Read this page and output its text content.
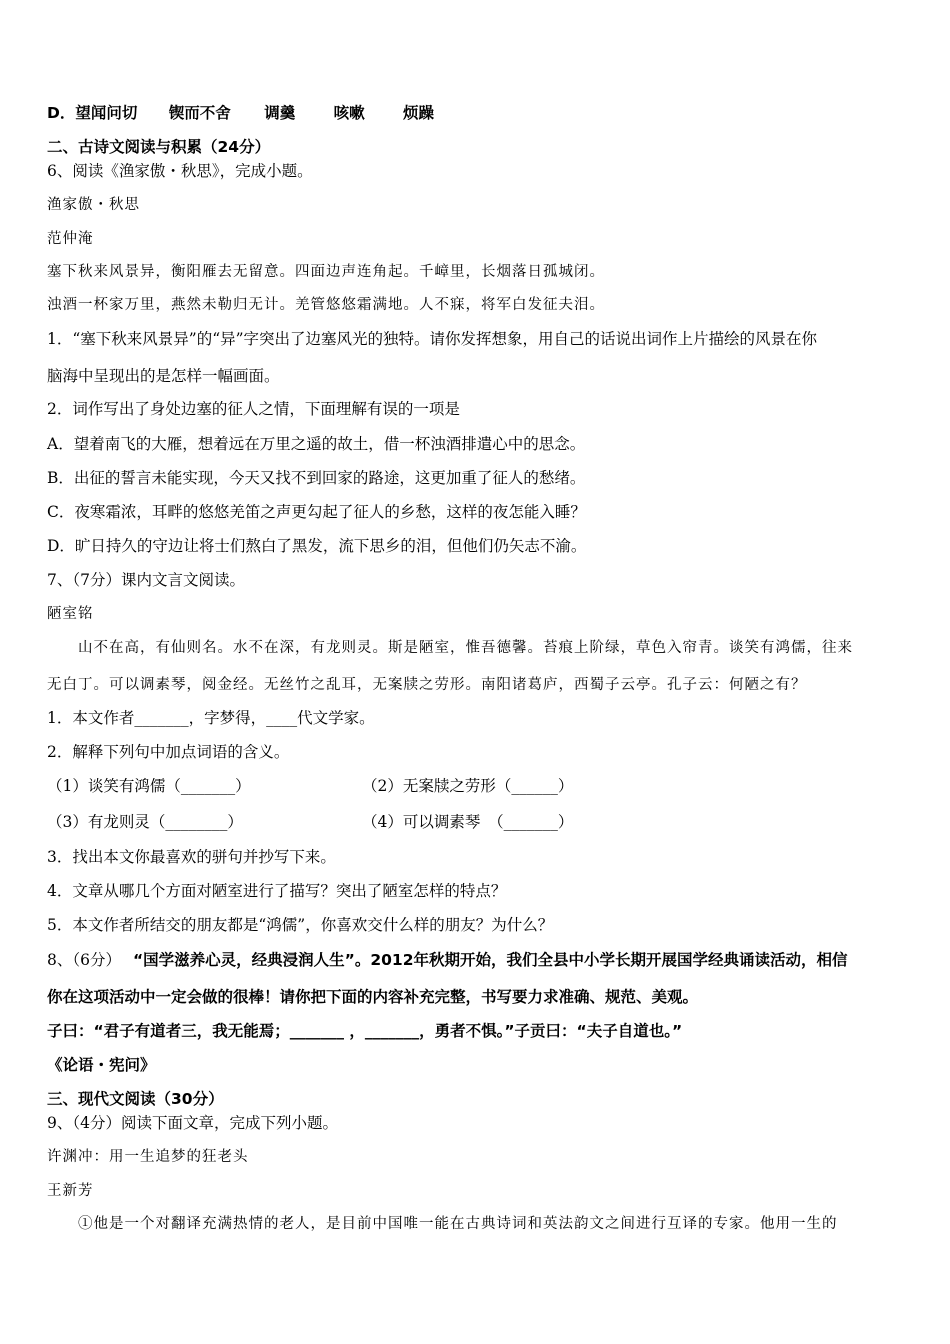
D．望闻问切 锲而不舍 调羹 咳嗽 烦躁
二、古诗文阅读与积累（24分）
6、阅读《渔家傲・秋思》，完成小题。
渔家傲・秋思
范仲淹
塞下秋来风景异，衡阳雁去无留意。四面边声连角起。千嶂里，长烟落日孤城闭。
浊酒一杯家万里，燕然未勒归无计。羌管悠悠霜满地。人不寐，将军白发征夫泪。
1．“塞下秋来风景异”的“异”字突出了边塞风光的独特。请你发挥想象，用自己的话说出词作上片描绘的风景在你
脑海中呈现出的是怎样一幅画面。
2．词作写出了身处边塞的征人之情，下面理解有误的一项是
A．望着南飞的大雁，想着远在万里之遥的故土，借一杯浊酒排遣心中的思念。
B．出征的誓言未能实现，今天又找不到回家的路途，这更加重了征人的愁绪。
C．夜寒霜浓，耳畔的悠悠羌笛之声更勾起了征人的乡愁，这样的夜怎能入睡？
D．旷日持久的守边让将士们熬白了黑发，流下思乡的泪，但他们仍矢志不渝。
7、（7分）课内文言文阅读。
陋室铭
山不在高，有仙则名。水不在深，有龙则灵。斯是陋室，惟吾德馨。苔痕上阶绿，草色入帘青。谈笑有鸿儒，往来
无白丁。可以调素琴，阅金经。无丝竹之乱耳，无案牍之劳形。南阳诸葛庐，西蜀子云亭。孔子云：何陋之有？
1．本文作者_______，字梦得，____代文学家。
2．解释下列句中加点词语的含义。
（1）谈笑有鸿儒（_______）	（2）无案牍之劳形（______）
（3）有龙则灵（________）	（4）可以调素琴　（_______）
3．找出本文你最喜欢的骈句并抄写下来。
4．文章从哪几个方面对陋室进行了描写？突出了陋室怎样的特点？
5．本文作者所结交的朋友都是“鸿儒”，你喜欢交什么样的朋友？为什么？
8、（6分） “国学滋养心灵，经典浸润人生”。2012年秋期开始，我们全县中小学长期开展国学经典诵读活动，相信
你在这项活动中一定会做的很棒！请你把下面的内容补充完整，书写要力求准确、规范、美观。
子曰：“君子有道者三，我无能焉；_______ ，_______，勇者不惧。”子贡曰：“夫子自道也。”
《论语・宪问》
三、现代文阅读（30分）
9、（4分）阅读下面文章，完成下列小题。
许渊冲：用一生追梦的狂老头
王新芳
①他是一个对翻译充满热情的老人，是目前中国唯一能在古典诗词和英法韵文之间进行互译的专家。他用一生的
